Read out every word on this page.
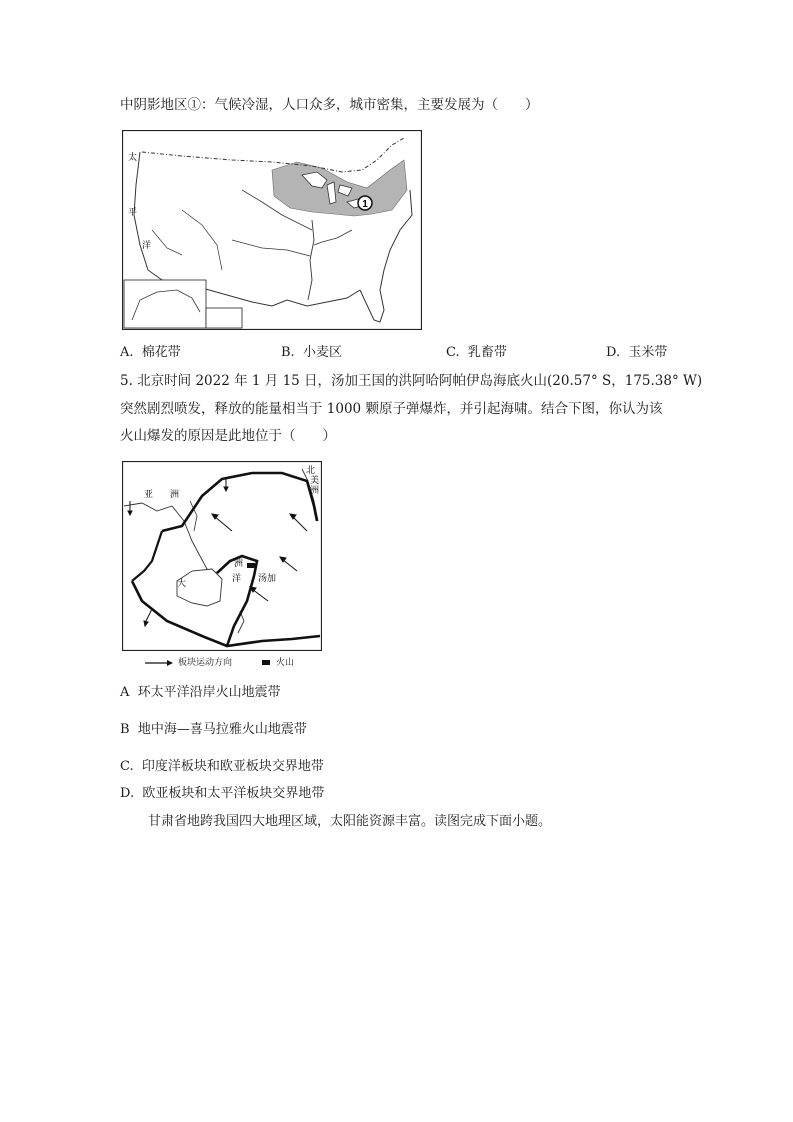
中阴影地区①：气候冷湿，人口众多，城市密集，主要发展为（　　）
1
太
平
洋
A. 棉花带	B. 小麦区	C. 乳畜带	D. 玉米带
5. 北京时间 2022 年 1 月 15 日，汤加王国的洪阿哈阿帕伊岛海底火山(20.57° S，175.38° W)
突然剧烈喷发，释放的能量相当于 1000 颗原子弹爆炸，并引起海啸。结合下图，你认为该
火山爆发的原因是此地位于（　　）
亚 洲
北
美
洲
大	洋
洲
汤加
板块运动方向	火山
A 环太平洋沿岸火山地震带
B 地中海—喜马拉雅火山地震带
C. 印度洋板块和欧亚板块交界地带
D. 欧亚板块和太平洋板块交界地带
甘肃省地跨我国四大地理区域，太阳能资源丰富。读图完成下面小题。
